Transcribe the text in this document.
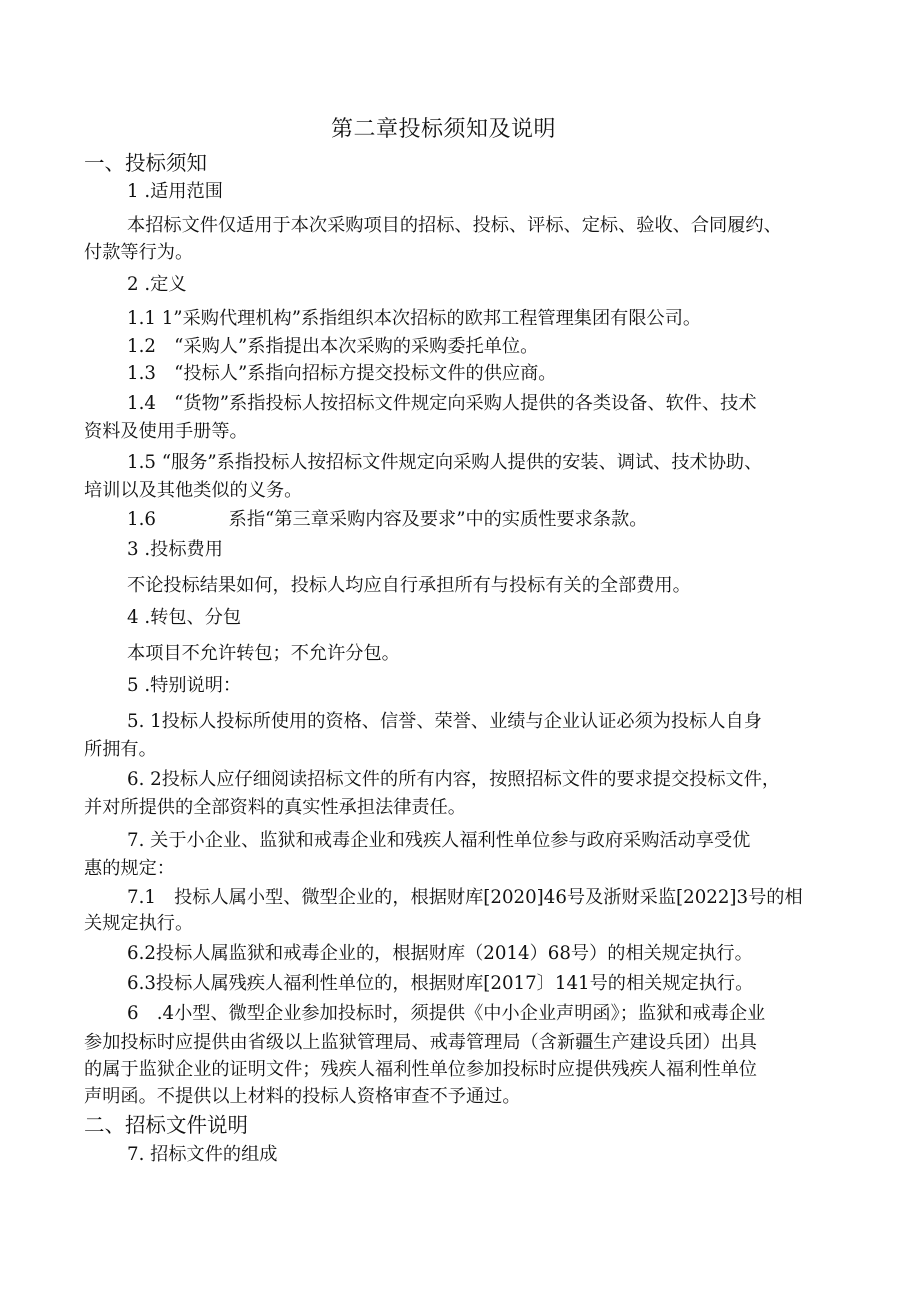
第二章投标须知及说明
一、投标须知
1 .适用范围
本招标文件仅适用于本次采购项目的招标、投标、评标、定标、验收、合同履约、
付款等行为。
2 .定义
1.1 1”采购代理机构”系指组织本次招标的欧邦工程管理集团有限公司。
1.2　“采购人”系指提出本次采购的采购委托单位。
1.3　“投标人”系指向招标方提交投标文件的供应商。
1.4　“货物”系指投标人按招标文件规定向采购人提供的各类设备、软件、技术
资料及使用手册等。
1.5 “服务”系指投标人按招标文件规定向采购人提供的安装、调试、技术协助、
培训以及其他类似的义务。
1.6　　　　系指“第三章采购内容及要求”中的实质性要求条款。
3 .投标费用
不论投标结果如何，投标人均应自行承担所有与投标有关的全部费用。
4 .转包、分包
本项目不允许转包；不允许分包。
5 .特别说明：
5. 1投标人投标所使用的资格、信誉、荣誉、业绩与企业认证必须为投标人自身
所拥有。
6. 2投标人应仔细阅读招标文件的所有内容，按照招标文件的要求提交投标文件，
并对所提供的全部资料的真实性承担法律责任。
7. 关于小企业、监狱和戒毒企业和残疾人福利性单位参与政府采购活动享受优
惠的规定：
7.1　投标人属小型、微型企业的，根据财库[2020]46号及浙财采监[2022]3号的相
关规定执行。
6.2投标人属监狱和戒毒企业的，根据财库（2014）68号）的相关规定执行。
6.3投标人属残疾人福利性单位的，根据财库[2017〕141号的相关规定执行。
6　.4小型、微型企业参加投标时，须提供《中小企业声明函》；监狱和戒毒企业
参加投标时应提供由省级以上监狱管理局、戒毒管理局（含新疆生产建设兵团）出具
的属于监狱企业的证明文件；残疾人福利性单位参加投标时应提供残疾人福利性单位
声明函。不提供以上材料的投标人资格审查不予通过。
二、招标文件说明
7. 招标文件的组成
